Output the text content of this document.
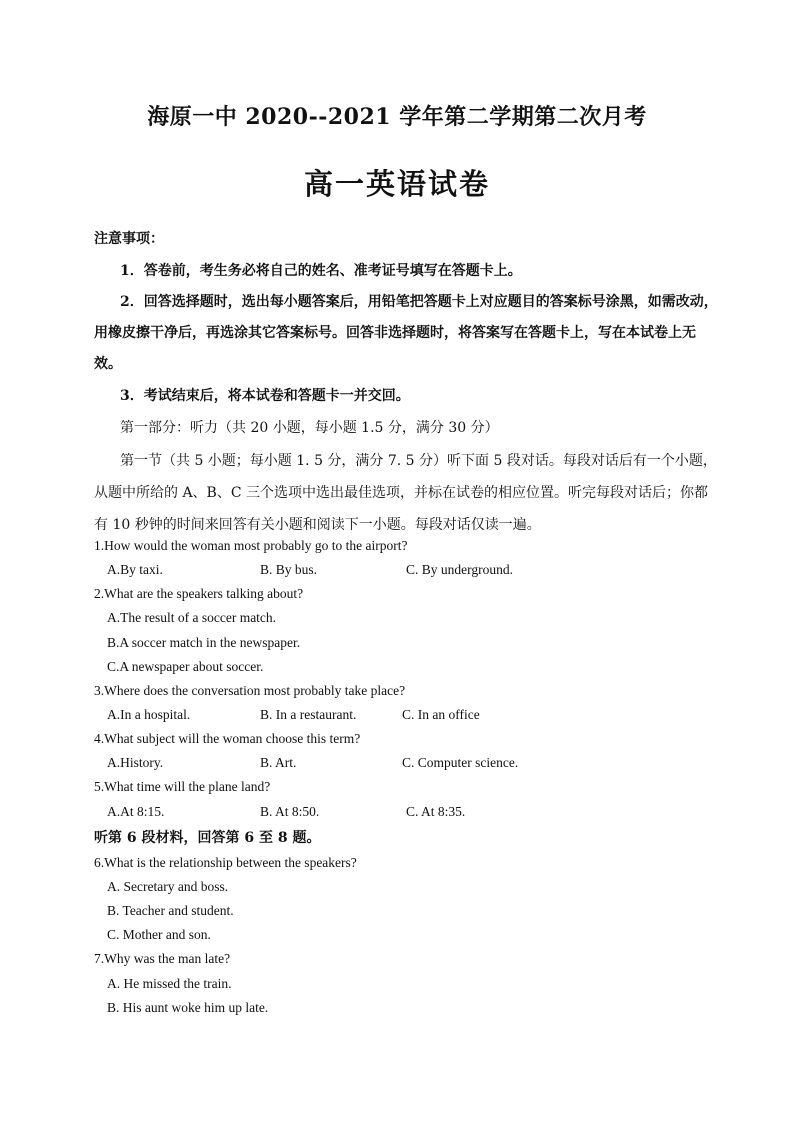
海原一中 2020--2021 学年第二学期第二次月考
高一英语试卷
注意事项：
1．答卷前，考生务必将自己的姓名、准考证号填写在答题卡上。
2．回答选择题时，选出每小题答案后，用铅笔把答题卡上对应题目的答案标号涂黑，如需改动，
用橡皮擦干净后，再选涂其它答案标号。回答非选择题时，将答案写在答题卡上，写在本试卷上无
效。
3．考试结束后，将本试卷和答题卡一并交回。
第一部分：听力（共 20 小题，每小题 1.5 分，满分 30 分）
第一节（共 5 小题；每小题 1. 5 分，满分 7. 5 分）听下面 5 段对话。每段对话后有一个小题，
从题中所给的 A、B、C 三个选项中选出最佳选项，并标在试卷的相应位置。听完每段对话后；你都
有 10 秒钟的时间来回答有关小题和阅读下一小题。每段对话仅读一遍。
1.How would the woman most probably go to the airport?
A.By taxi.	B. By bus.	C. By underground.
2.What are the speakers talking about?
A.The result of a soccer match.
B.A soccer match in the newspaper.
C.A newspaper about soccer.
3.Where does the conversation most probably take place?
A.In a hospital.	B. In a restaurant.	C. In an office
4.What subject will the woman choose this term?
A.History.	B. Art.	C. Computer science.
5.What time will the plane land?
A.At 8:15.	B. At 8:50.	C. At 8:35.
听第 6 段材料，回答第 6 至 8 题。
6.What is the relationship between the speakers?
A. Secretary and boss.
B. Teacher and student.
C. Mother and son.
7.Why was the man late?
A. He missed the train.
B. His aunt woke him up late.
